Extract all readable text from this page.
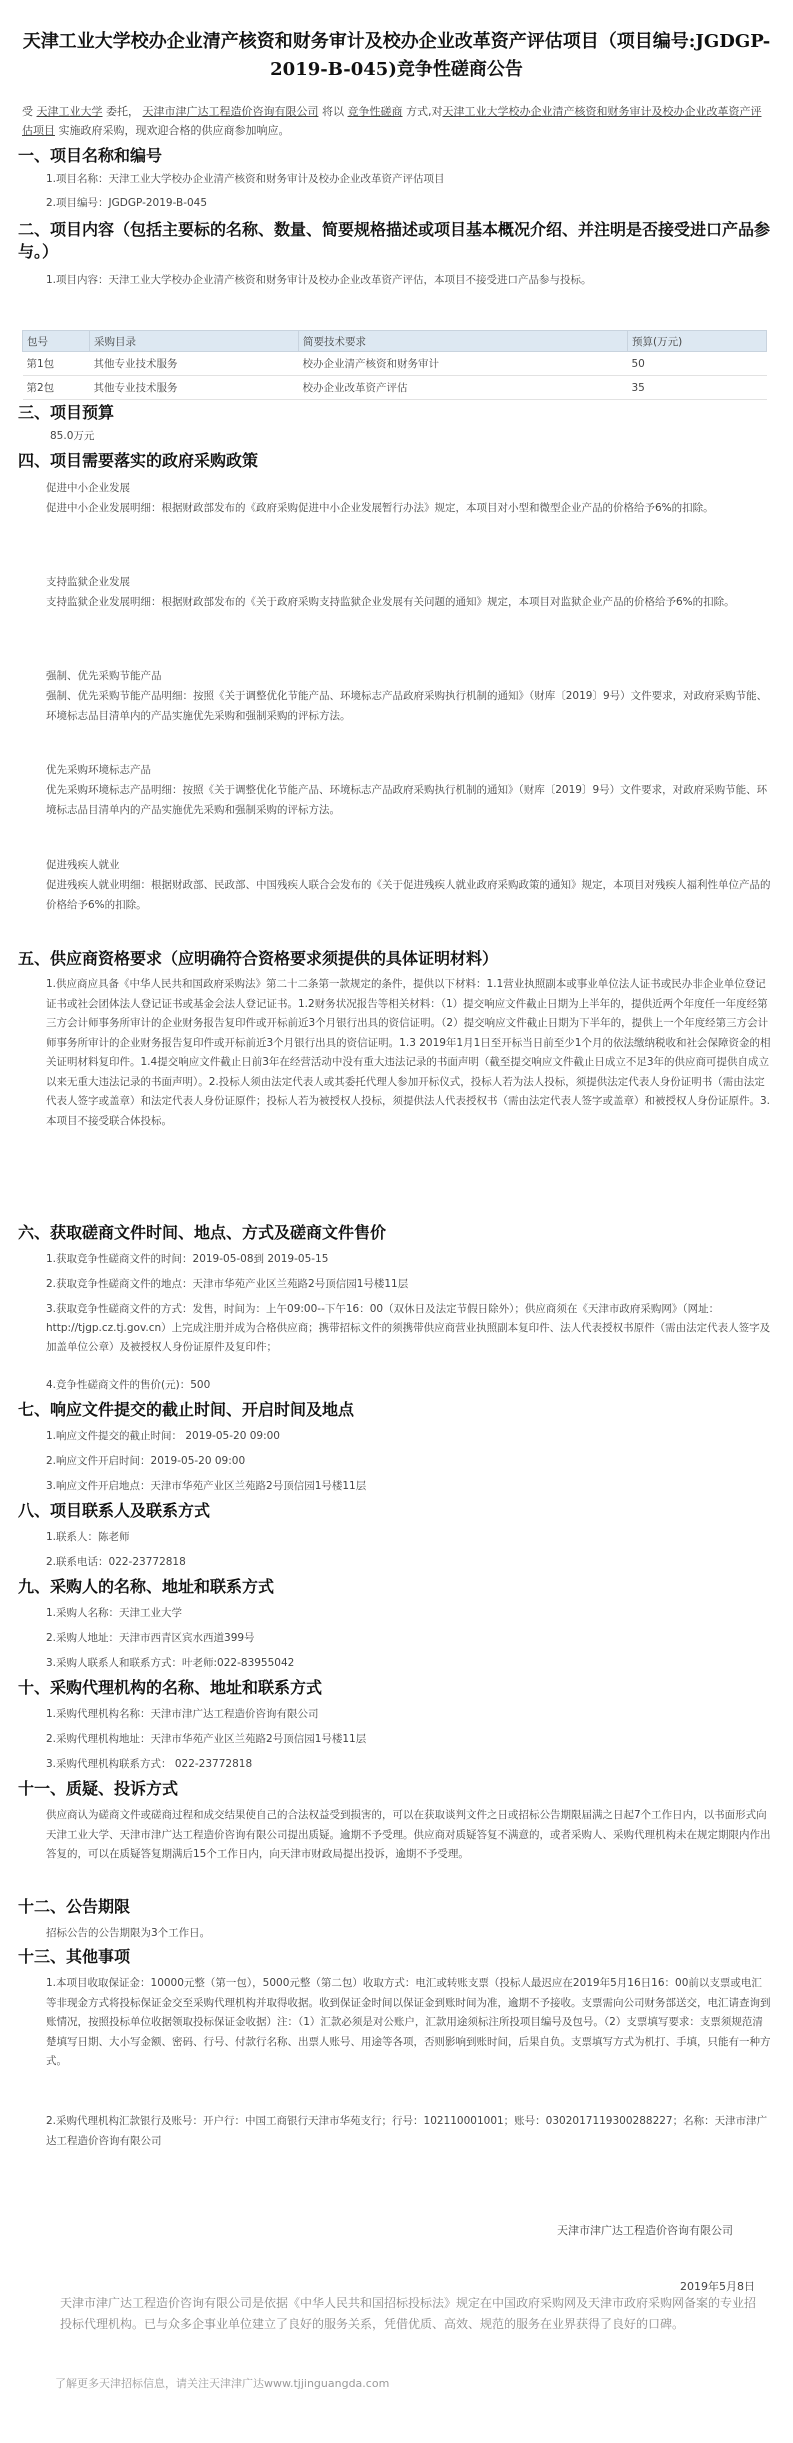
天津工业大学校办企业清产核资和财务审计及校办企业改革资产评估项目（项目编号:JGDGP-2019-B-045)竞争性磋商公告
受 天津工业大学 委托， 天津市津广达工程造价咨询有限公司 将以 竞争性磋商 方式,对天津工业大学校办企业清产核资和财务审计及校办企业改革资产评估项目 实施政府采购，现欢迎合格的供应商参加响应。
一、项目名称和编号
1.项目名称：天津工业大学校办企业清产核资和财务审计及校办企业改革资产评估项目
2.项目编号：JGDGP-2019-B-045
二、项目内容（包括主要标的名称、数量、简要规格描述或项目基本概况介绍、并注明是否接受进口产品参与。）
1.项目内容：天津工业大学校办企业清产核资和财务审计及校办企业改革资产评估，本项目不接受进口产品参与投标。
包号	采购目录	简要技术要求	预算(万元)
第1包	其他专业技术服务	校办企业清产核资和财务审计	50
第2包	其他专业技术服务	校办企业改革资产评估	35
三、项目预算
85.0万元
四、项目需要落实的政府采购政策
促进中小企业发展
促进中小企业发展明细：根据财政部发布的《政府采购促进中小企业发展暂行办法》规定，本项目对小型和微型企业产品的价格给予6%的扣除。
支持监狱企业发展
支持监狱企业发展明细：根据财政部发布的《关于政府采购支持监狱企业发展有关问题的通知》规定，本项目对监狱企业产品的价格给予6%的扣除。
强制、优先采购节能产品
强制、优先采购节能产品明细：按照《关于调整优化节能产品、环境标志产品政府采购执行机制的通知》（财库〔2019〕9号）文件要求，对政府采购节能、环境标志品目清单内的产品实施优先采购和强制采购的评标方法。
优先采购环境标志产品
优先采购环境标志产品明细：按照《关于调整优化节能产品、环境标志产品政府采购执行机制的通知》（财库〔2019〕9号）文件要求，对政府采购节能、环境标志品目清单内的产品实施优先采购和强制采购的评标方法。
促进残疾人就业
促进残疾人就业明细：根据财政部、民政部、中国残疾人联合会发布的《关于促进残疾人就业政府采购政策的通知》规定，本项目对残疾人福利性单位产品的价格给予6%的扣除。
五、供应商资格要求（应明确符合资格要求须提供的具体证明材料）
1.供应商应具备《中华人民共和国政府采购法》第二十二条第一款规定的条件，提供以下材料：1.1营业执照副本或事业单位法人证书或民办非企业单位登记证书或社会团体法人登记证书或基金会法人登记证书。1.2财务状况报告等相关材料：（1）提交响应文件截止日期为上半年的，提供近两个年度任一年度经第三方会计师事务所审计的企业财务报告复印件或开标前近3个月银行出具的资信证明。（2）提交响应文件截止日期为下半年的，提供上一个年度经第三方会计师事务所审计的企业财务报告复印件或开标前近3个月银行出具的资信证明。1.3 2019年1月1日至开标当日前至少1个月的依法缴纳税收和社会保障资金的相关证明材料复印件。1.4提交响应文件截止日前3年在经营活动中没有重大违法记录的书面声明（截至提交响应文件截止日成立不足3年的供应商可提供自成立以来无重大违法记录的书面声明）。2.投标人须由法定代表人或其委托代理人参加开标仪式，投标人若为法人投标，须提供法定代表人身份证明书（需由法定代表人签字或盖章）和法定代表人身份证原件；投标人若为被授权人投标，须提供法人代表授权书（需由法定代表人签字或盖章）和被授权人身份证原件。3.本项目不接受联合体投标。
六、获取磋商文件时间、地点、方式及磋商文件售价
1.获取竞争性磋商文件的时间：2019-05-08到 2019-05-15
2.获取竞争性磋商文件的地点：天津市华苑产业区兰苑路2号顶信园1号楼11层
3.获取竞争性磋商文件的方式：发售，时间为：上午09:00--下午16：00（双休日及法定节假日除外）；供应商须在《天津市政府采购网》（网址：http://tjgp.cz.tj.gov.cn）上完成注册并成为合格供应商；携带招标文件的须携带供应商营业执照副本复印件、法人代表授权书原件（需由法定代表人签字及加盖单位公章）及被授权人身份证原件及复印件；
4.竞争性磋商文件的售价(元)：500
七、响应文件提交的截止时间、开启时间及地点
1.响应文件提交的截止时间： 2019-05-20 09:00
2.响应文件开启时间：2019-05-20 09:00
3.响应文件开启地点：天津市华苑产业区兰苑路2号顶信园1号楼11层
八、项目联系人及联系方式
1.联系人：陈老师
2.联系电话：022-23772818
九、采购人的名称、地址和联系方式
1.采购人名称：天津工业大学
2.采购人地址：天津市西青区宾水西道399号
3.采购人联系人和联系方式：叶老师:022-83955042
十、采购代理机构的名称、地址和联系方式
1.采购代理机构名称：天津市津广达工程造价咨询有限公司
2.采购代理机构地址：天津市华苑产业区兰苑路2号顶信园1号楼11层
3.采购代理机构联系方式： 022-23772818
十一、质疑、投诉方式
供应商认为磋商文件或磋商过程和成交结果使自己的合法权益受到损害的，可以在获取谈判文件之日或招标公告期限届满之日起7个工作日内，以书面形式向天津工业大学、天津市津广达工程造价咨询有限公司提出质疑。逾期不予受理。供应商对质疑答复不满意的，或者采购人、采购代理机构未在规定期限内作出答复的，可以在质疑答复期满后15个工作日内，向天津市财政局提出投诉，逾期不予受理。
十二、公告期限
招标公告的公告期限为3个工作日。
十三、其他事项
1.本项目收取保证金：10000元整（第一包），5000元整（第二包）收取方式：电汇或转账支票（投标人最迟应在2019年5月16日16：00前以支票或电汇等非现金方式将投标保证金交至采购代理机构并取得收据。收到保证金时间以保证金到账时间为准，逾期不予接收。支票需向公司财务部送交，电汇请查询到账情况，按照投标单位收据领取投标保证金收据）注：（1）汇款必须是对公账户，汇款用途须标注所投项目编号及包号。（2）支票填写要求：支票须规范清楚填写日期、大小写金额、密码、行号、付款行名称、出票人账号、用途等各项，否则影响到账时间，后果自负。支票填写方式为机打、手填，只能有一种方式。
2.采购代理机构汇款银行及账号：开户行：中国工商银行天津市华苑支行；行号：102110001001；账号：0302017119300288227；名称：天津市津广达工程造价咨询有限公司
天津市津广达工程造价咨询有限公司
2019年5月8日
天津市津广达工程造价咨询有限公司是依据《中华人民共和国招标投标法》规定在中国政府采购网及天津市政府采购网备案的专业招投标代理机构。已与众多企事业单位建立了良好的服务关系，凭借优质、高效、规范的服务在业界获得了良好的口碑。
了解更多天津招标信息，请关注天津津广达www.tjjinguangda.com
